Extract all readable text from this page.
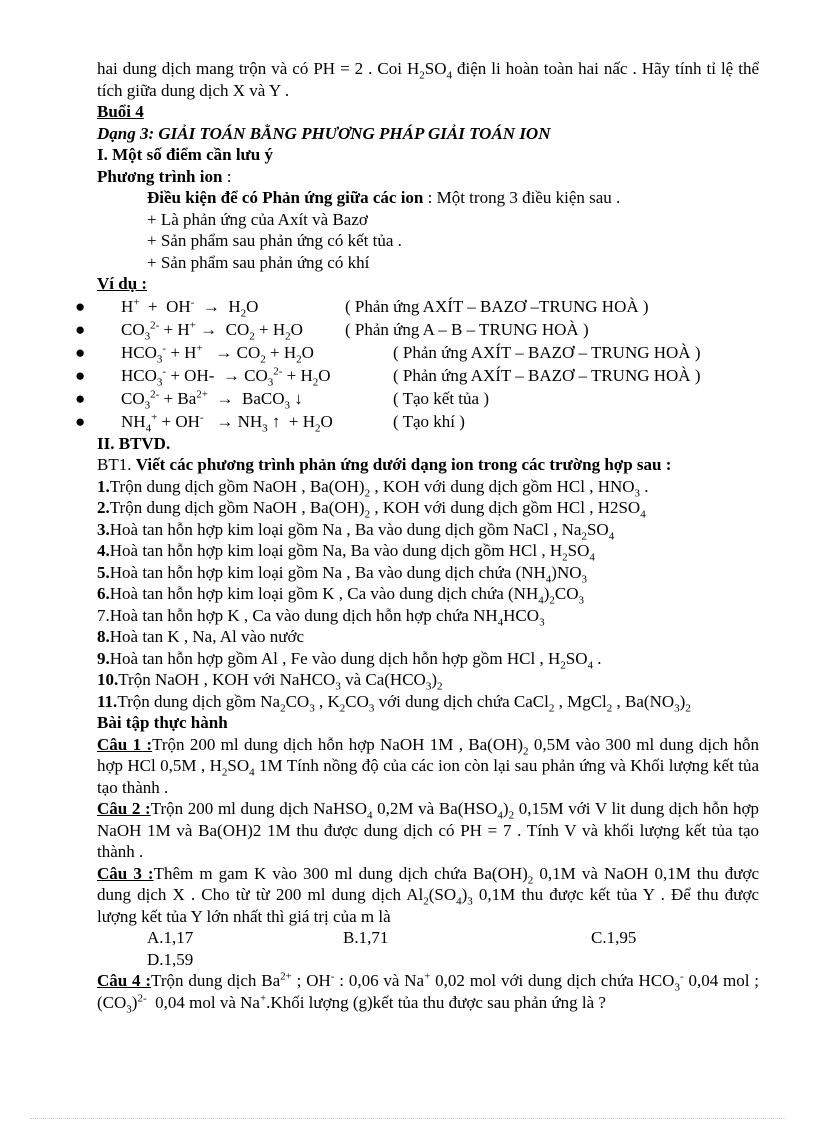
hai dung dịch mang trộn và có PH = 2 . Coi $H_2SO_4$ điện li hoàn toàn hai nấc . Hãy tính tỉ lệ thể tích giữa dung dịch X và Y .
Buổi 4
Dạng 3: GIẢI TOÁN BẰNG PHƯƠNG PHÁP GIẢI TOÁN ION
I. Một số điểm cần lưu ý
Phương trình ion :
Điều kiện để có Phản ứng giữa các ion : Một trong 3 điều kiện sau .
+ Là phản ứng của Axít và Bazơ
+ Sản phẩm sau phản ứng có kết tủa .
+ Sản phẩm sau phản ứng có khí
Ví dụ :
● $H^+ + OH^- \to H_2O$	( Phản ứng AXÍT – BAZƠ –TRUNG HOÀ )
● $CO_3^{2-} + H^+ \to CO_2 + H_2O$ ( Phản ứng A – B – TRUNG HOÀ )
● $HCO_3^- + H^+ \to CO_2 + H_2O$	( Phản ứng AXÍT – BAZƠ – TRUNG HOÀ )
● $HCO_3^- + OH- \to CO_3^{2-} + H_2O$	( Phản ứng AXÍT – BAZƠ – TRUNG HOÀ )
● $CO_3^{2-} + Ba^{2+}$  →  BaCO$_3$ ↓	( Tạo kết tủa )
● $NH_4^+ + OH^- \to NH_3$ ↑  + $H_2O$	( Tạo khí )
II. BTVD.
BT1. Viết các phương trình phản ứng dưới dạng ion trong các trường hợp sau :
1.Trộn dung dịch gồm NaOH , $Ba(OH)_2$ , KOH với dung dịch gồm HCl , $HNO_3$ .
2.Trộn dung dịch gồm NaOH , $Ba(OH)_2$ , KOH với dung dịch gồm HCl , $H2SO_4$
3.Hoà tan hỗn hợp kim loại gồm Na , Ba vào dung dịch gồm NaCl , $Na_2SO_4$
4.Hoà tan hỗn hợp kim loại gồm Na, Ba vào dung dịch gồm HCl , $H_2SO_4$
5.Hoà tan hỗn hợp kim loại gồm Na , Ba vào dung dịch chứa $(NH_4)NO_3$
6.Hoà tan hỗn hợp kim loại gồm K , Ca vào dung dịch chứa $(NH_4)_2CO_3$
7.Hoà tan hỗn hợp K , Ca vào dung dịch hỗn hợp chứa $NH_4HCO_3$
8.Hoà tan K , Na, Al vào nước
9.Hoà tan hỗn hợp gồm Al , Fe vào dung dịch hỗn hợp gồm HCl , $H_2SO_4$ .
10.Trộn NaOH , KOH với NaHCO$_3$ và $Ca(HCO_3)_2$
11.Trộn dung dịch gồm $Na_2CO_3$ , $K_2CO_3$ với dung dịch chứa CaCl$_2$ , MgCl$_2$ , $Ba(NO_3)_2$
Bài tập thực hành
Câu 1 :Trộn 200 ml dung dịch hỗn hợp NaOH 1M , $Ba(OH)_2$ 0,5M vào 300 ml dung dịch hỗn hợp HCl 0,5M , $H_2SO_4$ 1M Tính nồng độ của các ion còn lại sau phản ứng và Khối lượng kết tủa tạo thành .
Câu 2 :Trộn 200 ml dung dịch NaHSO$_4$ 0,2M và $Ba(HSO_4)_2$ 0,15M với V lit dung dịch hỗn hợp NaOH 1M và Ba(OH)2 1M thu được dung dịch có PH = 7 . Tính V và khối lượng kết tủa tạo thành .
Câu 3 :Thêm m gam K vào 300 ml dung dịch chứa $Ba(OH)_2$ 0,1M và NaOH 0,1M thu được dung dịch X . Cho từ từ 200 ml dung dịch $Al_2(SO_4)_3$ 0,1M thu được kết tủa Y . Để thu được lượng kết tủa Y lớn nhất thì giá trị của m là
A.1,17	B.1,71	C.1,95
D.1,59
Câu 4 :Trộn dung dịch $Ba^{2+}$ ; OH- : 0,06 và Na+ 0,02 mol với dung dịch chứa $HCO_3^-$ 0,04 mol ; $(CO_3)^{2-}$ 0,04 mol và Na+.Khối lượng (g)kết tủa thu được sau phản ứng là ?
